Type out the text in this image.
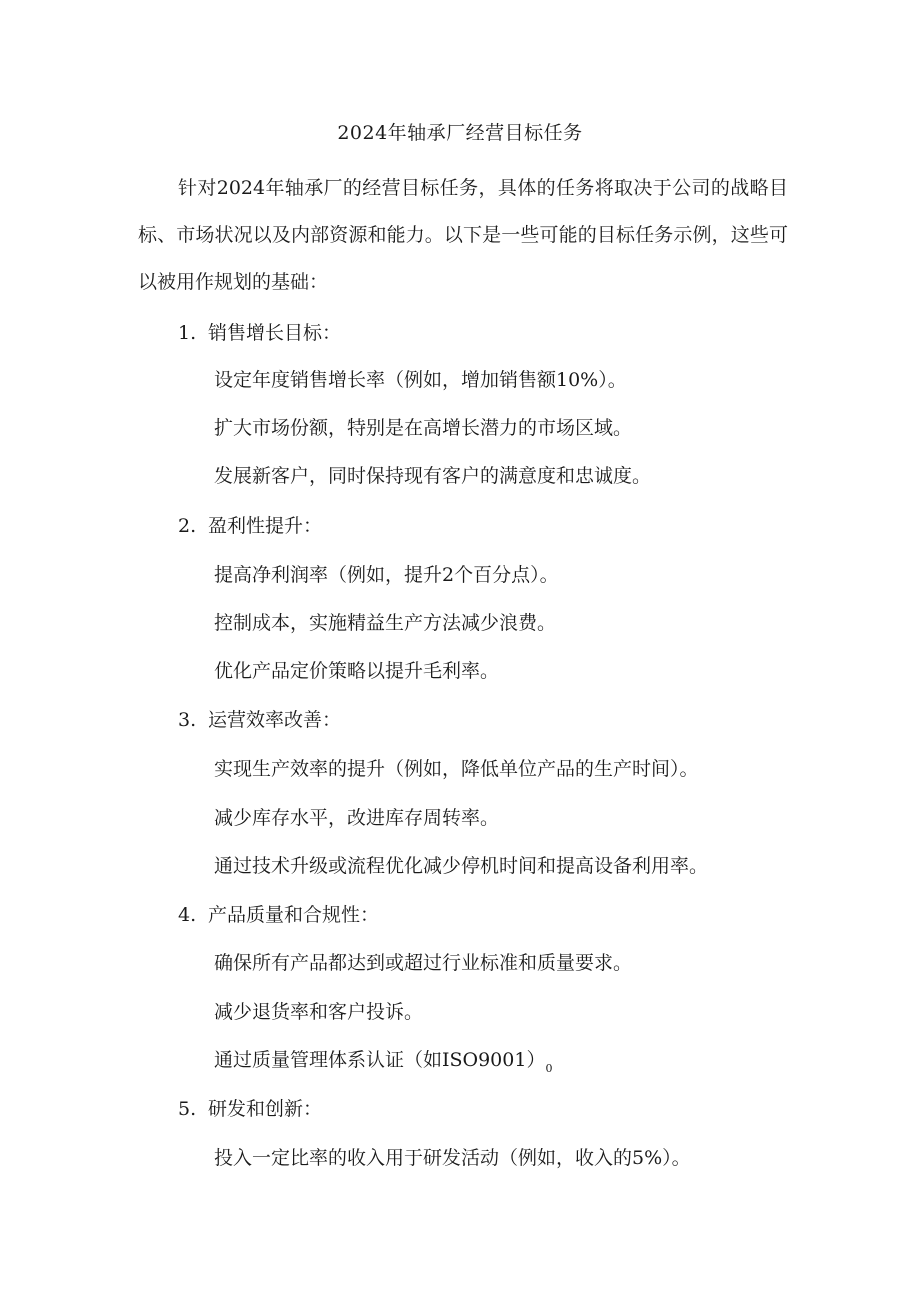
2024年轴承厂经营目标任务
针对2024年轴承厂的经营目标任务，具体的任务将取决于公司的战略目标、市场状况以及内部资源和能力。以下是一些可能的目标任务示例，这些可以被用作规划的基础：
1. 销售增长目标：
设定年度销售增长率（例如，增加销售额10%）。
扩大市场份额，特别是在高增长潜力的市场区域。
发展新客户，同时保持现有客户的满意度和忠诚度。
2. 盈利性提升：
提高净利润率（例如，提升2个百分点）。
控制成本，实施精益生产方法减少浪费。
优化产品定价策略以提升毛利率。
3. 运营效率改善：
实现生产效率的提升（例如，降低单位产品的生产时间）。
减少库存水平，改进库存周转率。
通过技术升级或流程优化减少停机时间和提高设备利用率。
4. 产品质量和合规性：
确保所有产品都达到或超过行业标准和质量要求。
减少退货率和客户投诉。
通过质量管理体系认证（如$ISO9001)_0$
5. 研发和创新：
投入一定比率的收入用于研发活动（例如，收入的5%）。
